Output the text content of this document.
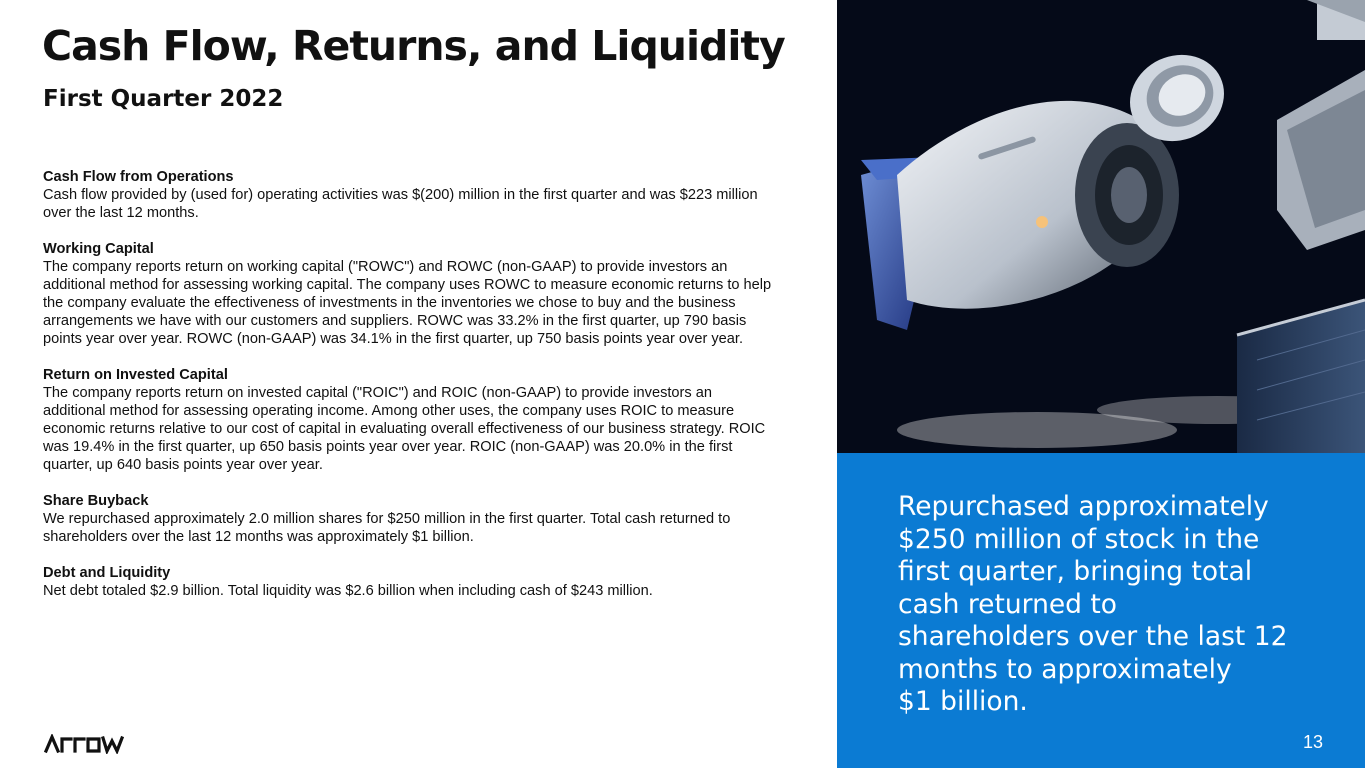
Cash Flow, Returns, and Liquidity
First Quarter 2022
Cash Flow from Operations

Cash flow provided by (used for) operating activities was $(200) million in the first quarter and was $223 million over the last 12 months.

Working Capital

The company reports return on working capital ("ROWC") and ROWC (non-GAAP) to provide investors an additional method for assessing working capital. The company uses ROWC to measure economic returns to help the company evaluate the effectiveness of investments in the inventories we chose to buy and the business arrangements we have with our customers and suppliers. ROWC was 33.2% in the first quarter, up 790 basis points year over year. ROWC (non-GAAP) was 34.1% in the first quarter, up 750 basis points year over year.

Return on Invested Capital

The company reports return on invested capital ("ROIC") and ROIC (non-GAAP) to provide investors an additional method for assessing operating income. Among other uses, the company uses ROIC to measure economic returns relative to our cost of capital in evaluating overall effectiveness of our business strategy. ROIC was 19.4% in the first quarter, up 650 basis points year over year. ROIC (non-GAAP) was 20.0% in the first quarter, up 640 basis points year over year.

Share Buyback

We repurchased approximately 2.0 million shares for $250 million in the first quarter. Total cash returned to shareholders over the last 12 months was approximately $1 billion.

Debt and Liquidity

Net debt totaled $2.9 billion. Total liquidity was $2.6 billion when including cash of $243 million.

Repurchased approximately
$250 million of stock in the
first quarter, bringing total
cash returned to
shareholders over the last 12
months to approximately
$1 billion.
13
